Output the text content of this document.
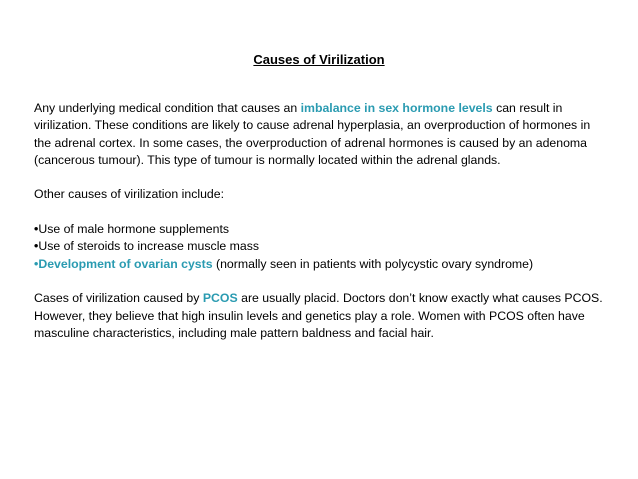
Causes of Virilization

Any underlying medical condition that causes an imbalance in sex hormone levels can result in virilization. These conditions are likely to cause adrenal hyperplasia, an overproduction of hormones in the adrenal cortex. In some cases, the overproduction of adrenal hormones is caused by an adenoma (cancerous tumour). This type of tumour is normally located within the adrenal glands.

Other causes of virilization include:

•Use of male hormone supplements

•Use of steroids to increase muscle mass

•Development of ovarian cysts (normally seen in patients with polycystic ovary syndrome)

Cases of virilization caused by PCOS are usually placid. Doctors don’t know exactly what causes PCOS. However, they believe that high insulin levels and genetics play a role. Women with PCOS often have masculine characteristics, including male pattern baldness and facial hair.
